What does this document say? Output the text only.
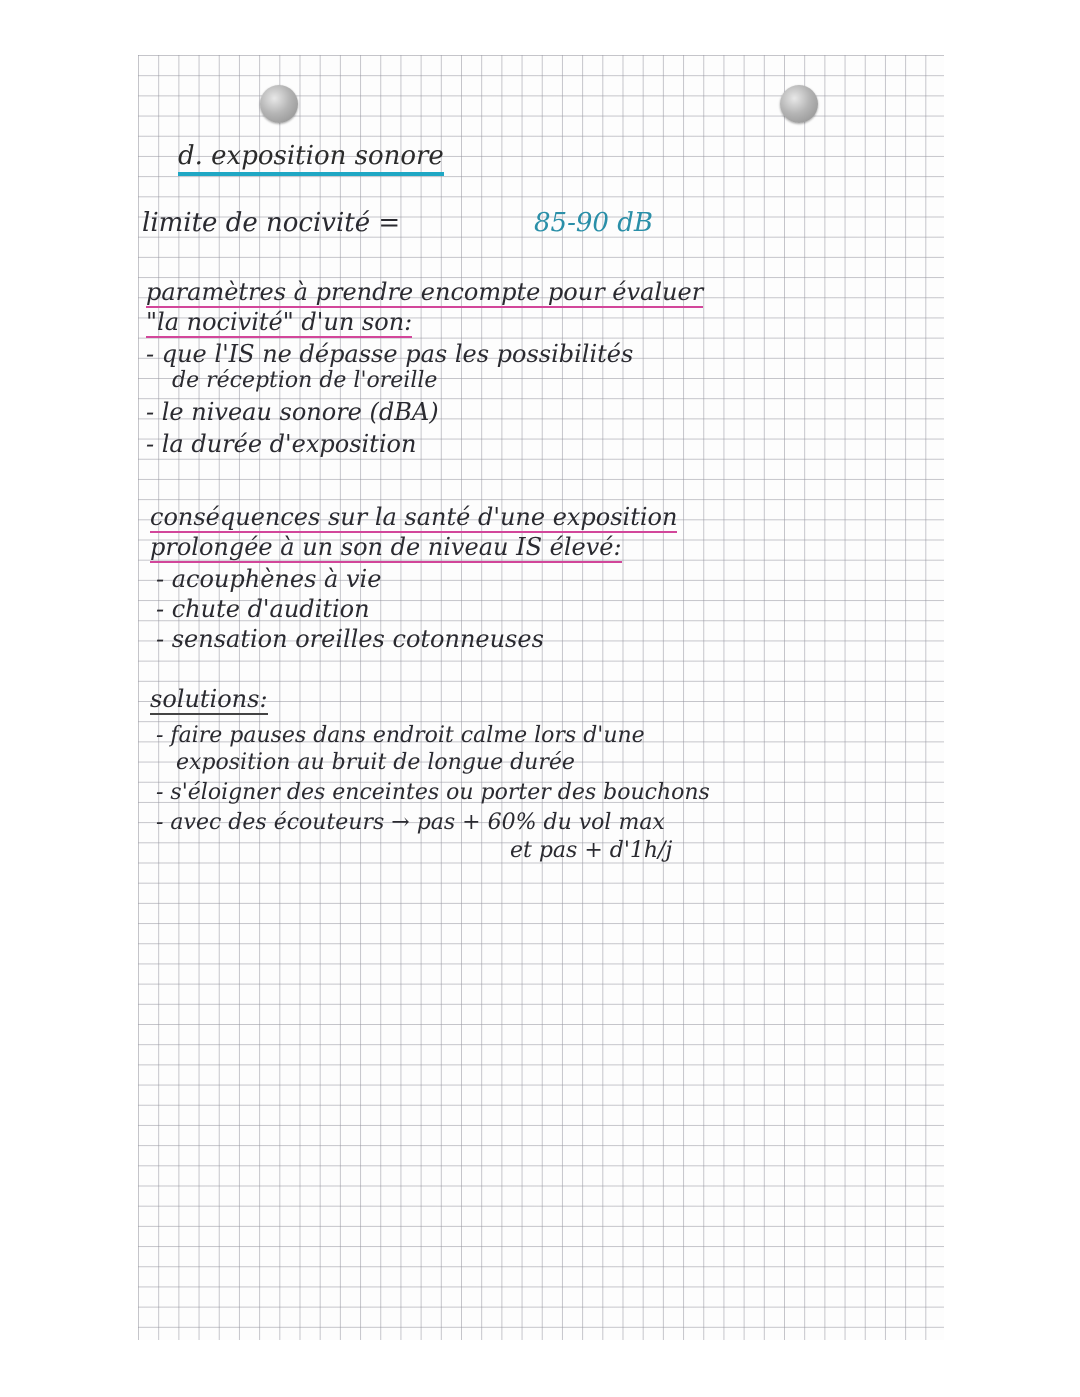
d. exposition sonore
limite de nocivité =	85-90 dB
paramètres à prendre encompte pour évaluer
"la nocivité" d'un son:
- que l'IS ne dépasse pas les possibilités
de réception de l'oreille
- le niveau sonore (dBA)
- la durée d'exposition
conséquences sur la santé d'une exposition
prolongée à un son de niveau IS élevé:
- acouphènes à vie
- chute d'audition
- sensation oreilles cotonneuses
solutions:
- faire pauses dans endroit calme lors d'une
exposition au bruit de longue durée
- s'éloigner des enceintes ou porter des bouchons
- avec des écouteurs → pas + 60% du vol max
et pas + d'1h/j
